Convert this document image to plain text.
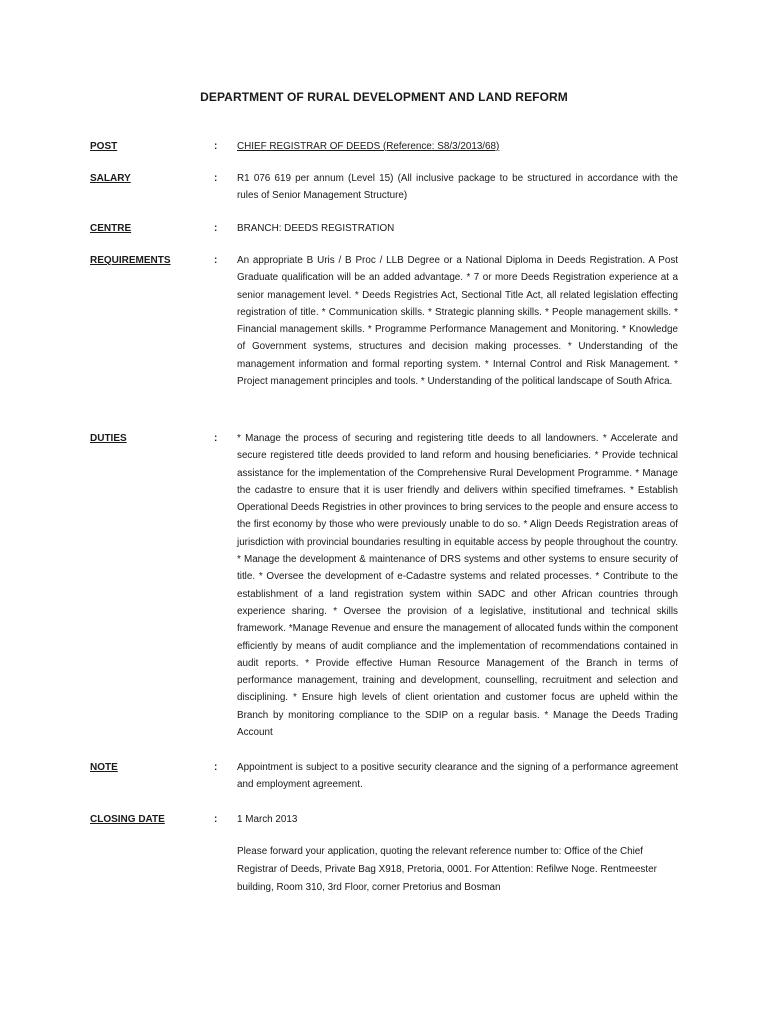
DEPARTMENT OF RURAL DEVELOPMENT AND LAND REFORM
POST	: CHIEF REGISTRAR OF DEEDS (Reference: S8/3/2013/68)
SALARY	: R1 076 619 per annum (Level 15) (All inclusive package to be structured in accordance with the rules of Senior Management Structure)
CENTRE	: BRANCH: DEEDS REGISTRATION
REQUIREMENTS	: An appropriate B Uris / B Proc / LLB Degree or a National Diploma in Deeds Registration. A Post Graduate qualification will be an added advantage. * 7 or more Deeds Registration experience at a senior management level. * Deeds Registries Act, Sectional Title Act, all related legislation effecting registration of title. * Communication skills. * Strategic planning skills. * People management skills. * Financial management skills. * Programme Performance Management and Monitoring. * Knowledge of Government systems, structures and decision making processes. * Understanding of the management information and formal reporting system. * Internal Control and Risk Management. * Project management principles and tools. * Understanding of the political landscape of South Africa.
DUTIES	: * Manage the process of securing and registering title deeds to all landowners. * Accelerate and secure registered title deeds provided to land reform and housing beneficiaries. * Provide technical assistance for the implementation of the Comprehensive Rural Development Programme. * Manage the cadastre to ensure that it is user friendly and delivers within specified timeframes. * Establish Operational Deeds Registries in other provinces to bring services to the people and ensure access to the first economy by those who were previously unable to do so. * Align Deeds Registration areas of jurisdiction with provincial boundaries resulting in equitable access by people throughout the country. * Manage the development & maintenance of DRS systems and other systems to ensure security of title. * Oversee the development of e-Cadastre systems and related processes. * Contribute to the establishment of a land registration system within SADC and other African countries through experience sharing. * Oversee the provision of a legislative, institutional and technical skills framework. *Manage Revenue and ensure the management of allocated funds within the component efficiently by means of audit compliance and the implementation of recommendations contained in audit reports. * Provide effective Human Resource Management of the Branch in terms of performance management, training and development, counselling, recruitment and selection and disciplining. * Ensure high levels of client orientation and customer focus are upheld within the Branch by monitoring compliance to the SDIP on a regular basis. * Manage the Deeds Trading Account
NOTE	: Appointment is subject to a positive security clearance and the signing of a performance agreement and employment agreement.
CLOSING DATE	: 1 March 2013
Please forward your application, quoting the relevant reference number to: Office of the Chief Registrar of Deeds, Private Bag X918, Pretoria, 0001. For Attention: Refilwe Noge. Rentmeester building, Room 310, 3rd Floor, corner Pretorius and Bosman
